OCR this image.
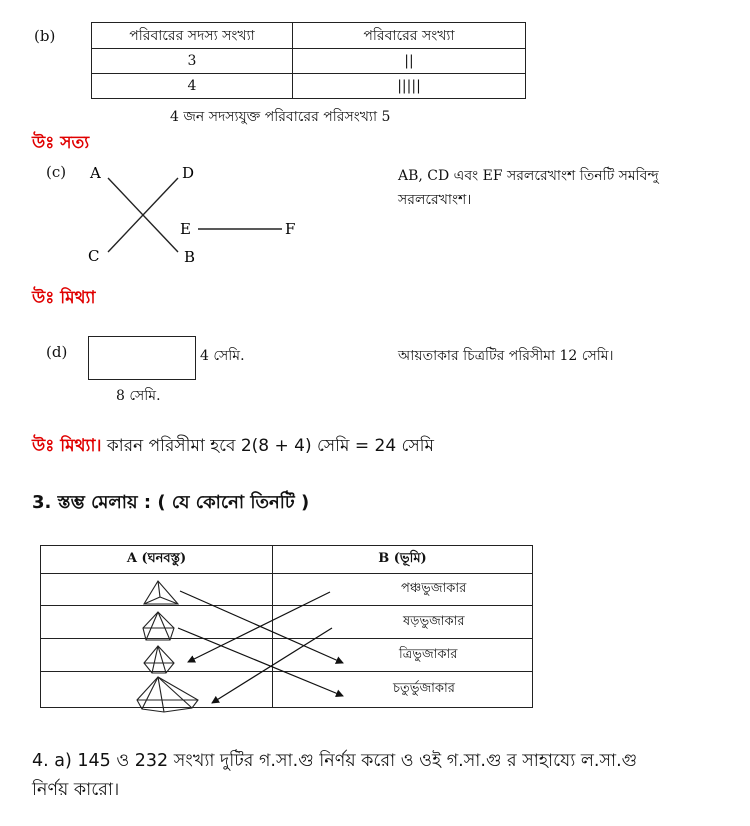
(b)	পরিবারের সদস্য সংখ্যা	পরিবারের সংখ্যা
3	||
4	|||||
4 জন সদস্যযুক্ত পরিবারের পরিসংখ্যা 5
উঃ সত্য
(c) A	D
E	F
C	B
AB, CD এবং EF সরলরেখাংশ তিনটি সমবিন্দু
সরলরেখাংশ।
উঃ মিথ্যা
(d)	4 সেমি.
8 সেমি.
আয়তাকার চিত্রটির পরিসীমা 12 সেমি।
উঃ মিথ্যা। কারন পরিসীমা হবে 2(8 + 4) সেমি = 24 সেমি
3. স্তম্ভ মেলায় : ( যে কোনো তিনটি )
A (ঘনবস্তু)	B (ভূমি)
	পঞ্চভুজাকার
	ষড়ভুজাকার
	ত্রিভুজাকার
	চতুর্ভুজাকার
4. a) 145 ও 232 সংখ্যা দুটির গ.সা.গু নির্ণয় করো ও ওই গ.সা.গু র সাহায্যে ল.সা.গু
নির্ণয় কারো।
